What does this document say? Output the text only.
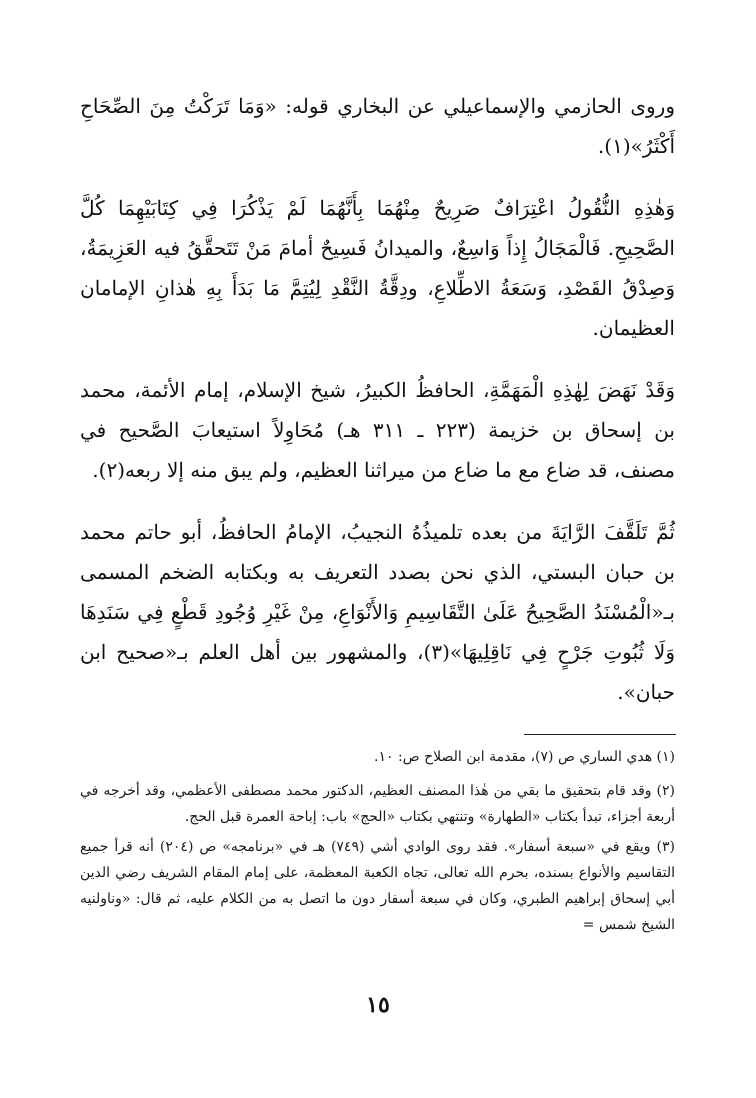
وروى الحازمي والإسماعيلي عن البخاري قوله: «وَمَا تَرَكْتُ مِنَ الصِّحَاحِ أَكْثَرُ»(١).

وَهٰذِهِ النُّقُولُ اعْتِرَافٌ صَرِيحٌ مِنْهُمَا بِأَنَّهُمَا لَمْ يَذْكُرَا فِي كِتَابَيْهِمَا كُلَّ الصَّحِيحِ. فَالْمَجَالُ إِذاً وَاسِعٌ، والميدانُ فَسِيحٌ أمامَ مَنْ تَتَحقَّقُ فيه العَزِيمَةُ، وَصِدْقُ القَصْدِ، وَسَعَةُ الاطِّلاعِ، ودِقَّةُ النَّقْدِ لِيُتِمَّ مَا بَدَأَ بِهِ هٰذانِ الإمامان العظيمان.

وَقَدْ نَهَضَ لِهٰذِهِ الْمَهَمَّةِ، الحافظُ الكبيرُ، شيخ الإسلام، إمام الأئمة، محمد بن إسحاق بن خزيمة (٢٢٣ ـ ٣١١ هـ) مُحَاوِلاً استيعابَ الصَّحيح في مصنف، قد ضاع مع ما ضاع من ميراثنا العظيم، ولم يبق منه إلا ربعه(٢).

ثُمَّ تَلَقَّفَ الرَّايَةَ من بعده تلميذُهُ النجيبُ، الإمامُ الحافظُ، أبو حاتم محمد بن حبان البستي، الذي نحن بصدد التعريف به وبكتابه الضخم المسمى بـ«الْمُسْنَدُ الصَّحِيحُ عَلَىٰ التَّقَاسِيمِ وَالأَنْوَاعِ، مِنْ غَيْرِ وُجُودِ قَطْعٍ فِي سَنَدِهَا وَلَا ثُبُوتِ جَرْحٍ فِي نَاقِلِيهَا»(٣)، والمشهور بين أهل العلم بـ«صحيح ابن حبان».

(١) هدي الساري ص (٧)، مقدمة ابن الصلاح ص: ١٠.

(٢) وقد قام بتحقيق ما بقي من هٰذا المصنف العظيم، الدكتور محمد مصطفى الأعظمي، وقد أخرجه في أربعة أجزاء، تبدأ بكتاب «الطهارة» وتنتهي بكتاب «الحج» باب: إباحة العمرة قبل الحج.

(٣) ويقع في «سبعة أسفار». فقد روى الوادي أشي (٧٤٩) هـ في «برنامجه» ص (٢٠٤) أنه قرأ جميع التقاسيم والأنواع بسنده، بحرم الله تعالى، تجاه الكعبة المعظمة، على إمام المقام الشريف رضي الدين أبي إسحاق إبراهيم الطبري، وكان في سبعة أسفار دون ما اتصل به من الكلام عليه، ثم قال: «وناولنيه الشيخ شمس =

١٥
